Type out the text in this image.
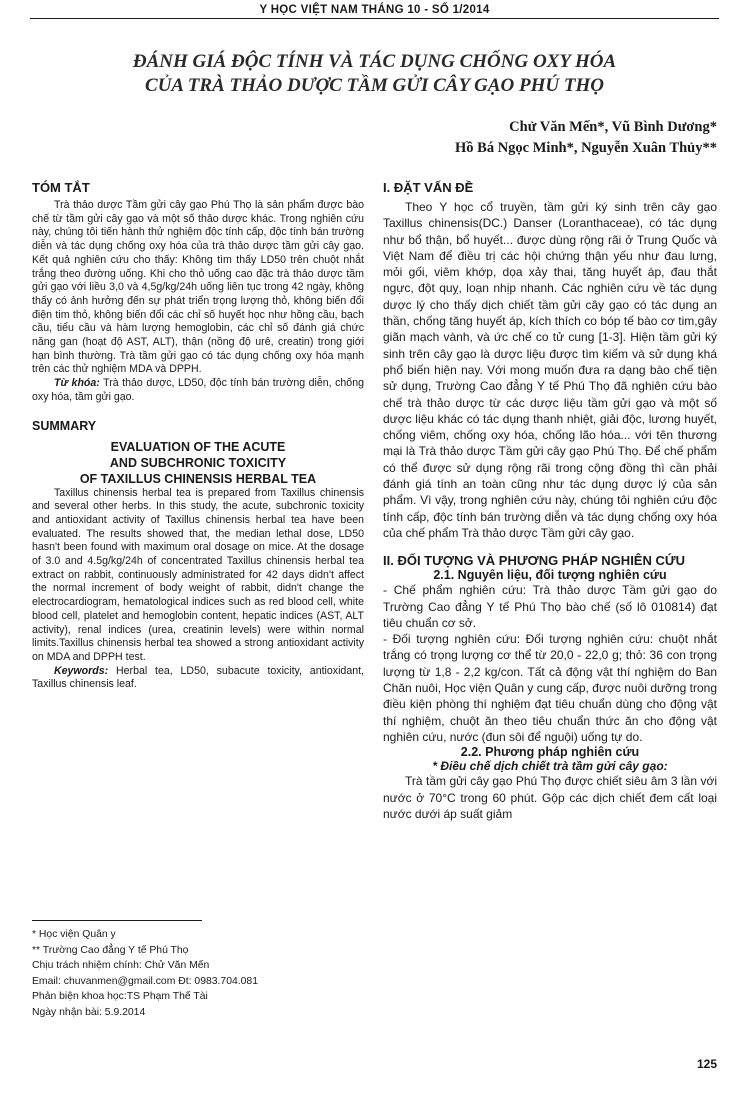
Y HỌC VIỆT NAM THÁNG 10 - SỐ 1/2014
ĐÁNH GIÁ ĐỘC TÍNH VÀ TÁC DỤNG CHỐNG OXY HÓA
CỦA TRÀ THẢO DƯỢC TẦM GỬI CÂY GẠO PHÚ THỌ
Chử Văn Mến*, Vũ Bình Dương*
Hồ Bá Ngọc Minh*, Nguyễn Xuân Thủy**

TÓM TẮT

Trà thảo dược Tầm gửi cây gạo Phú Thọ là sản phẩm được bào chế từ tầm gửi cây gạo và một số thảo dược khác. Trong nghiên cứu này, chúng tôi tiến hành thử nghiệm độc tính cấp, độc tính bán trường diễn và tác dụng chống oxy hóa của trà thảo dược tầm gửi cây gạo. Kết quả nghiên cứu cho thấy: Không tìm thấy LD50 trên chuột nhắt trắng theo đường uống. Khi cho thỏ uống cao đặc trà thảo dược tầm gửi gạo với liều 3,0 và 4,5g/kg/24h uống liên tục trong 42 ngày, không thấy có ảnh hưởng đến sự phát triển trọng lượng thỏ, không biến đổi điện tim thỏ, không biến đổi các chỉ số huyết học như hồng cầu, bạch cầu, tiểu cầu và hàm lượng hemoglobin, các chỉ số đánh giá chức năng gan (hoạt độ AST, ALT), thận (nồng độ urê, creatin) trong giới hạn bình thường. Trà tầm gửi gạo có tác dụng chống oxy hóa mạnh trên các thử nghiệm MDA và DPPH.

Từ khóa: Trà thảo dược, LD50, độc tính bán trường diễn, chống oxy hóa, tầm gửi gạo.

SUMMARY

EVALUATION OF THE ACUTE

AND SUBCHRONIC TOXICITY

OF TAXILLUS CHINENSIS HERBAL TEA

Taxillus chinensis herbal tea is prepared from Taxillus chinensis and several other herbs. In this study, the acute, subchronic toxicity and antioxidant activity of Taxillus chinensis herbal tea have been evaluated. The results showed that, the median lethal dose, LD50 hasn't been found with maximum oral dosage on mice. At the dosage of 3.0 and 4.5g/kg/24h of concentrated Taxillus chinensis herbal tea extract on rabbit, continuously administrated for 42 days didn't affect the normal increment of body weight of rabbit, didn't change the electrocardiogram, hematological indices such as red blood cell, white blood cell, platelet and hemoglobin content, hepatic indices (AST, ALT activity), renal indices (urea, creatinin levels) were within normal limits.Taxillus chinensis herbal tea showed a strong antioxidant activity on MDA and DPPH test.

Keywords: Herbal tea, LD50, subacute toxicity, antioxidant, Taxillus chinensis leaf.

* Học viện Quân y
** Trường Cao đẳng Y tế Phú Thọ
Chịu trách nhiệm chính: Chử Văn Mến
Email: chuvanmen@gmail.com Đt: 0983.704.081
Phản biện khoa học:TS Phạm Thế Tài
Ngày nhận bài: 5.9.2014

I. ĐẶT VẤN ĐỀ

Theo Y học cổ truyền, tầm gửi ký sinh trên cây gạo Taxillus chinensis(DC.) Danser (Loranthaceae), có tác dụng như bổ thận, bổ huyết... được dùng rộng rãi ở Trung Quốc và Việt Nam để điều trị các hội chứng thận yếu như đau lưng, mỏi gối, viêm khớp, dọa xảy thai, tăng huyết áp, đau thắt ngực, đột quỵ, loạn nhịp nhanh. Các nghiên cứu về tác dụng dược lý cho thấy dịch chiết tầm gửi cây gạo có tác dụng an thần, chống tăng huyết áp, kích thích co bóp tế bào cơ tim,gây giãn mạch vành, và ức chế co tử cung [1-3]. Hiện tầm gửi ký sinh trên cây gạo là dược liệu được tìm kiếm và sử dụng khá phổ biến hiện nay. Với mong muốn đưa ra dạng bào chế tiện sử dụng, Trường Cao đẳng Y tế Phú Thọ đã nghiên cứu bào chế trà thảo dược từ các dược liệu tầm gửi gạo và một số dược liệu khác có tác dụng thanh nhiệt, giải độc, lương huyết, chống viêm, chống oxy hóa, chống lão hóa... với tên thương mại là Trà thảo dược Tầm gửi cây gạo Phú Thọ. Để chế phẩm có thể được sử dụng rộng rãi trong cộng đồng thì cần phải đánh giá tính an toàn cũng như tác dụng dược lý của sản phẩm. Vì vậy, trong nghiên cứu này, chúng tôi nghiên cứu độc tính cấp, độc tính bán trường diễn và tác dụng chống oxy hóa của chế phẩm Trà thảo dược Tầm gửi cây gạo.

II. ĐỐI TƯỢNG VÀ PHƯƠNG PHÁP NGHIÊN CỨU

2.1. Nguyên liệu, đối tượng nghiên cứu

- Chế phẩm nghiên cứu: Trà thảo dược Tầm gửi gạo do Trường Cao đẳng Y tế Phú Thọ bào chế (số lô 010814) đạt tiêu chuẩn cơ sở.

- Đối tượng nghiên cứu: Đối tượng nghiên cứu: chuột nhắt trắng có trọng lượng cơ thể từ 20,0 - 22,0 g; thỏ: 36 con trọng lượng từ 1,8 - 2,2 kg/con. Tất cả động vật thí nghiệm do Ban Chăn nuôi, Học viện Quân y cung cấp, được nuôi dưỡng trong điều kiện phòng thí nghiệm đạt tiêu chuẩn dùng cho động vật thí nghiệm, chuột ăn theo tiêu chuẩn thức ăn cho động vật nghiên cứu, nước (đun sôi để nguội) uống tự do.

2.2. Phương pháp nghiên cứu

* Điều chế dịch chiết trà tầm gửi cây gạo:

Trà tầm gửi cây gạo Phú Thọ được chiết siêu âm 3 lần với nước ở 70°C trong 60 phút. Gộp các dịch chiết đem cất loại nước dưới áp suất giảm

125
